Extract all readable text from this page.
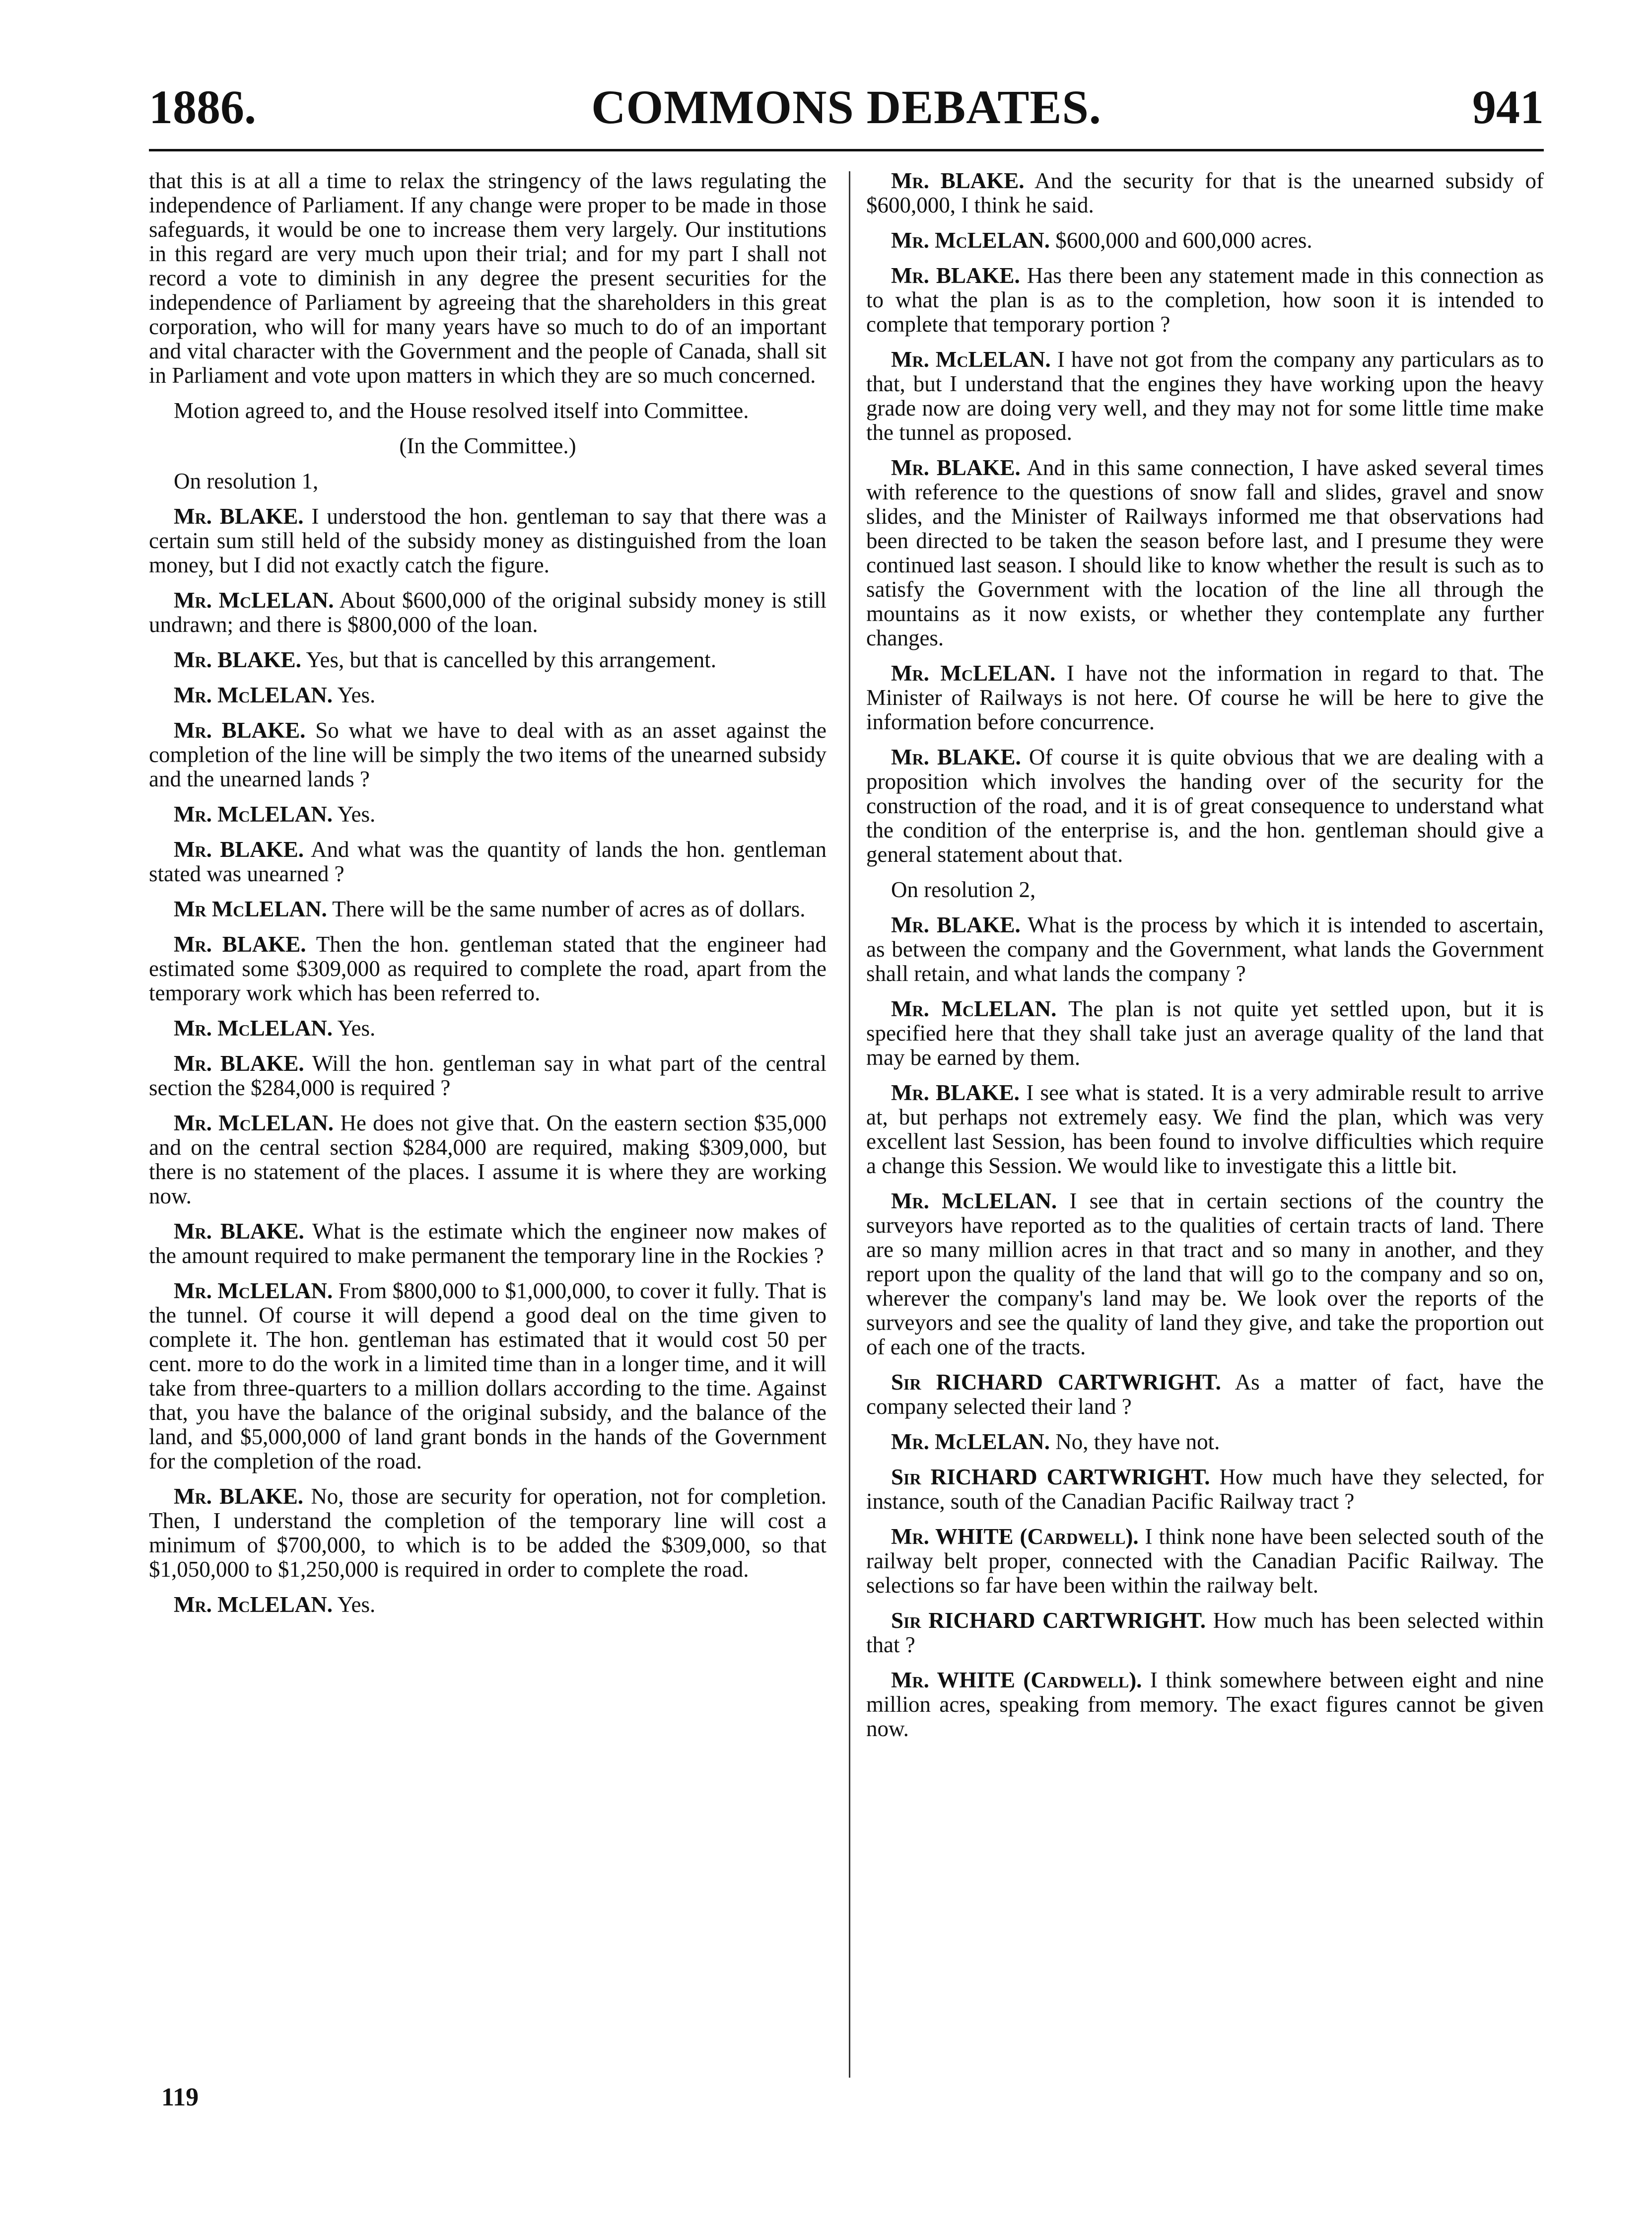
1886.	COMMONS DEBATES.	941

that this is at all a time to relax the stringency of the laws regulating the independence of Parliament. If any change were proper to be made in those safeguards, it would be one to increase them very largely. Our institutions in this regard are very much upon their trial; and for my part I shall not record a vote to diminish in any degree the present securities for the independence of Parliament by agreeing that the shareholders in this great corporation, who will for many years have so much to do of an important and vital character with the Government and the people of Canada, shall sit in Parliament and vote upon matters in which they are so much concerned.

Motion agreed to, and the House resolved itself into Committee.

(In the Committee.)

On resolution 1,

Mr. BLAKE. I understood the hon. gentleman to say that there was a certain sum still held of the subsidy money as distinguished from the loan money, but I did not exactly catch the figure.

Mr. McLELAN. About $600,000 of the original subsidy money is still undrawn; and there is $800,000 of the loan.

Mr. BLAKE. Yes, but that is cancelled by this arrangement.

Mr. McLELAN. Yes.

Mr. BLAKE. So what we have to deal with as an asset against the completion of the line will be simply the two items of the unearned subsidy and the unearned lands ?

Mr. McLELAN. Yes.

Mr. BLAKE. And what was the quantity of lands the hon. gentleman stated was unearned ?

Mr McLELAN. There will be the same number of acres as of dollars.

Mr. BLAKE. Then the hon. gentleman stated that the engineer had estimated some $309,000 as required to complete the road, apart from the temporary work which has been referred to.

Mr. McLELAN. Yes.

Mr. BLAKE. Will the hon. gentleman say in what part of the central section the $284,000 is required ?

Mr. McLELAN. He does not give that. On the eastern section $35,000 and on the central section $284,000 are required, making $309,000, but there is no statement of the places. I assume it is where they are working now.

Mr. BLAKE. What is the estimate which the engineer now makes of the amount required to make permanent the temporary line in the Rockies ?

Mr. McLELAN. From $800,000 to $1,000,000, to cover it fully. That is the tunnel. Of course it will depend a good deal on the time given to complete it. The hon. gentleman has estimated that it would cost 50 per cent. more to do the work in a limited time than in a longer time, and it will take from three-quarters to a million dollars according to the time. Against that, you have the balance of the original subsidy, and the balance of the land, and $5,000,000 of land grant bonds in the hands of the Government for the completion of the road.

Mr. BLAKE. No, those are security for operation, not for completion. Then, I understand the completion of the temporary line will cost a minimum of $700,000, to which is to be added the $309,000, so that $1,050,000 to $1,250,000 is required in order to complete the road.

Mr. McLELAN. Yes.

Mr. BLAKE. And the security for that is the unearned subsidy of $600,000, I think he said.

Mr. McLELAN. $600,000 and 600,000 acres.

Mr. BLAKE. Has there been any statement made in this connection as to what the plan is as to the completion, how soon it is intended to complete that temporary portion ?

Mr. McLELAN. I have not got from the company any particulars as to that, but I understand that the engines they have working upon the heavy grade now are doing very well, and they may not for some little time make the tunnel as proposed.

Mr. BLAKE. And in this same connection, I have asked several times with reference to the questions of snow fall and slides, gravel and snow slides, and the Minister of Railways informed me that observations had been directed to be taken the season before last, and I presume they were continued last season. I should like to know whether the result is such as to satisfy the Government with the location of the line all through the mountains as it now exists, or whether they contemplate any further changes.

Mr. McLELAN. I have not the information in regard to that. The Minister of Railways is not here. Of course he will be here to give the information before concurrence.

Mr. BLAKE. Of course it is quite obvious that we are dealing with a proposition which involves the handing over of the security for the construction of the road, and it is of great consequence to understand what the condition of the enterprise is, and the hon. gentleman should give a general statement about that.

On resolution 2,

Mr. BLAKE. What is the process by which it is intended to ascertain, as between the company and the Government, what lands the Government shall retain, and what lands the company ?

Mr. McLELAN. The plan is not quite yet settled upon, but it is specified here that they shall take just an average quality of the land that may be earned by them.

Mr. BLAKE. I see what is stated. It is a very admirable result to arrive at, but perhaps not extremely easy. We find the plan, which was very excellent last Session, has been found to involve difficulties which require a change this Session. We would like to investigate this a little bit.

Mr. McLELAN. I see that in certain sections of the country the surveyors have reported as to the qualities of certain tracts of land. There are so many million acres in that tract and so many in another, and they report upon the quality of the land that will go to the company and so on, wherever the company's land may be. We look over the reports of the surveyors and see the quality of land they give, and take the proportion out of each one of the tracts.

Sir RICHARD CARTWRIGHT. As a matter of fact, have the company selected their land ?

Mr. McLELAN. No, they have not.

Sir RICHARD CARTWRIGHT. How much have they selected, for instance, south of the Canadian Pacific Railway tract ?

Mr. WHITE (Cardwell). I think none have been selected south of the railway belt proper, connected with the Canadian Pacific Railway. The selections so far have been within the railway belt.

Sir RICHARD CARTWRIGHT. How much has been selected within that ?

Mr. WHITE (Cardwell). I think somewhere between eight and nine million acres, speaking from memory. The exact figures cannot be given now.

119
